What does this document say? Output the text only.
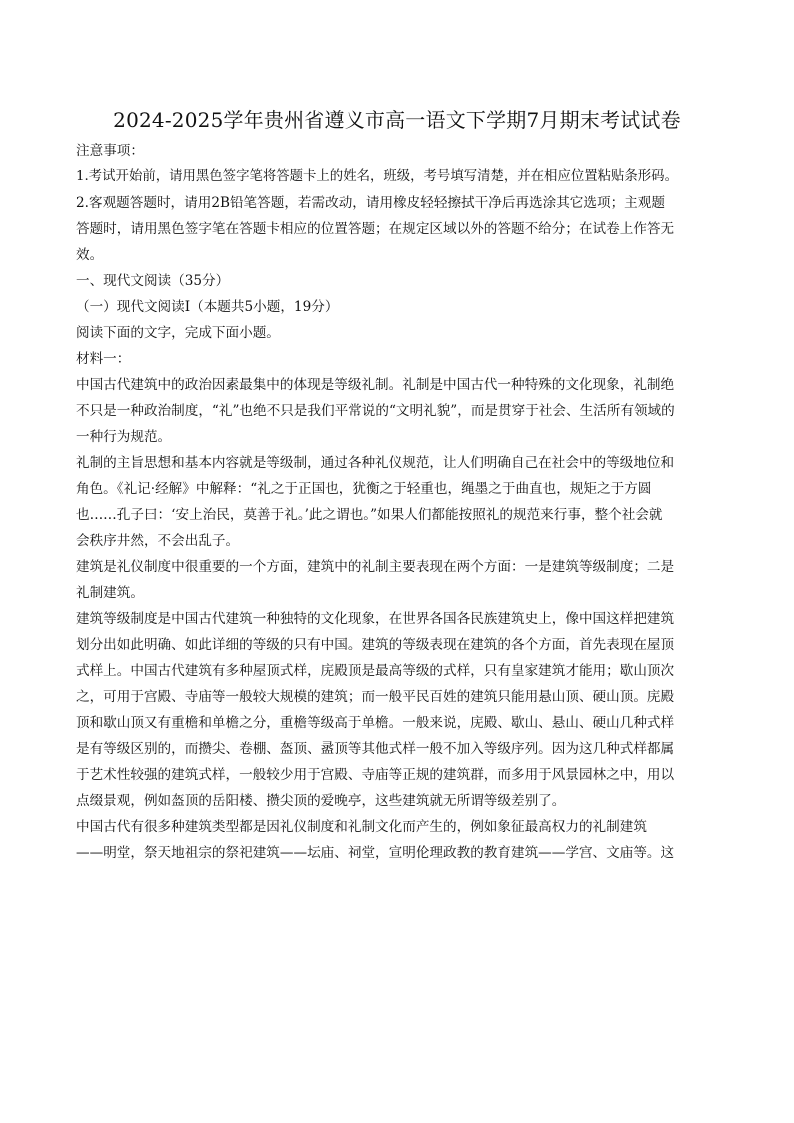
2024-2025学年贵州省遵义市高一语文下学期7月期末考试试卷
注意事项：
1.考试开始前，请用黑色签字笔将答题卡上的姓名，班级，考号填写清楚，并在相应位置粘贴条形码。
2.客观题答题时，请用2B铅笔答题，若需改动，请用橡皮轻轻擦拭干净后再选涂其它选项；主观题
答题时，请用黑色签字笔在答题卡相应的位置答题；在规定区域以外的答题不给分；在试卷上作答无
效。
一、现代文阅读（35分）
（一）现代文阅读Ⅰ（本题共5小题，19分）
阅读下面的文字，完成下面小题。
材料一：
中国古代建筑中的政治因素最集中的体现是等级礼制。礼制是中国古代一种特殊的文化现象，礼制绝
不只是一种政治制度，“礼”也绝不只是我们平常说的“文明礼貌”，而是贯穿于社会、生活所有领域的
一种行为规范。
礼制的主旨思想和基本内容就是等级制，通过各种礼仪规范，让人们明确自己在社会中的等级地位和
角色。《礼记·经解》中解释：“礼之于正国也，犹衡之于轻重也，绳墨之于曲直也，规矩之于方圆
也……孔子曰：‘安上治民，莫善于礼。’此之谓也。”如果人们都能按照礼的规范来行事，整个社会就
会秩序井然，不会出乱子。
建筑是礼仪制度中很重要的一个方面，建筑中的礼制主要表现在两个方面：一是建筑等级制度；二是
礼制建筑。
建筑等级制度是中国古代建筑一种独特的文化现象，在世界各国各民族建筑史上，像中国这样把建筑
划分出如此明确、如此详细的等级的只有中国。建筑的等级表现在建筑的各个方面，首先表现在屋顶
式样上。中国古代建筑有多种屋顶式样，庑殿顶是最高等级的式样，只有皇家建筑才能用；歇山顶次
之，可用于宫殿、寺庙等一般较大规模的建筑；而一般平民百姓的建筑只能用悬山顶、硬山顶。庑殿
顶和歇山顶又有重檐和单檐之分，重檐等级高于单檐。一般来说，庑殿、歇山、悬山、硬山几种式样
是有等级区别的，而攒尖、卷棚、盔顶、盝顶等其他式样一般不加入等级序列。因为这几种式样都属
于艺术性较强的建筑式样，一般较少用于宫殿、寺庙等正规的建筑群，而多用于风景园林之中，用以
点缀景观，例如盔顶的岳阳楼、攒尖顶的爱晚亭，这些建筑就无所谓等级差别了。
中国古代有很多种建筑类型都是因礼仪制度和礼制文化而产生的，例如象征最高权力的礼制建筑
——明堂，祭天地祖宗的祭祀建筑——坛庙、祠堂，宣明伦理政教的教育建筑——学宫、文庙等。这
